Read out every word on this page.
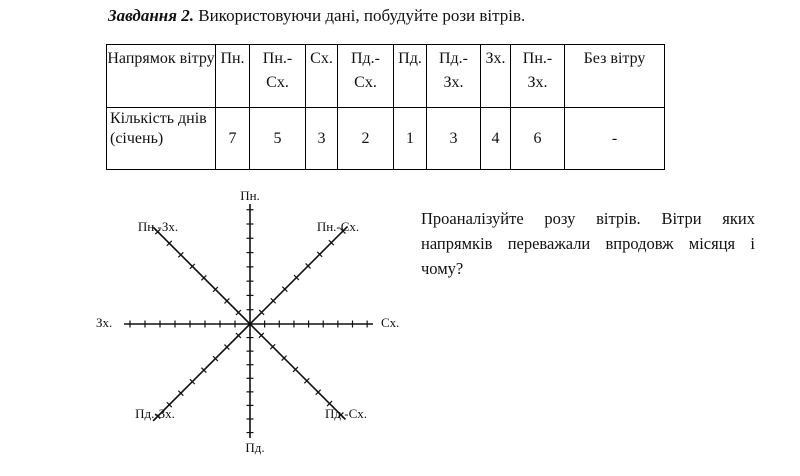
Завдання 2. Використовуючи дані, побудуйте рози вітрів.
Напрямок вітру	Пн.	Пн.- Сх.	Сх.	Пд.- Сх.	Пд.	Пд.- Зх.	Зх.	Пн.- Зх.	Без вітру
Кількість днів (січень)	7	5	3	2	1	3	4	6	-
Пн.
Пн.-Сх.
Сх.
Пд.-Сх.
Пд.
Пд.-Зх.
Зх.
Пн.-Зх.	Проаналізуйте розу вітрів. Вітри яких напрямків переважали впродовж місяця і чому?
